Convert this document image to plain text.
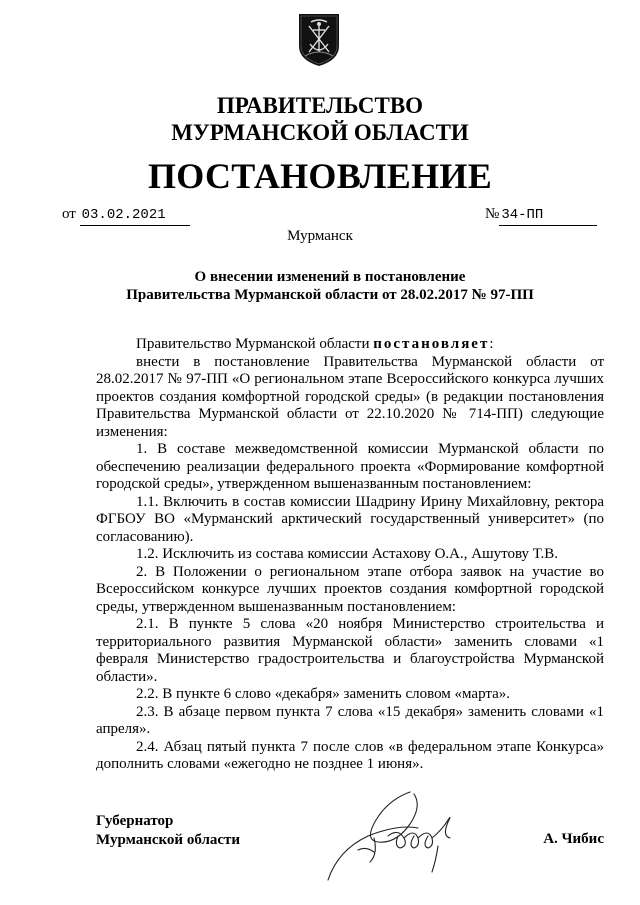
ПРАВИТЕЛЬСТВО
МУРМАНСКОЙ ОБЛАСТИ
ПОСТАНОВЛЕНИЕ
от 03.02.2021	№ 34-ПП
Мурманск
О внесении изменений в постановление
Правительства Мурманской области от 28.02.2017 № 97-ПП

Правительство Мурманской области постановляет:

внести в постановление Правительства Мурманской области от 28.02.2017 № 97-ПП «О региональном этапе Всероссийского конкурса лучших проектов создания комфортной городской среды» (в редакции постановления Правительства Мурманской области от 22.10.2020 № 714-ПП) следующие изменения:

1. В составе межведомственной комиссии Мурманской области по обеспечению реализации федерального проекта «Формирование комфортной городской среды», утвержденном вышеназванным постановлением:

1.1. Включить в состав комиссии Шадрину Ирину Михайловну, ректора ФГБОУ ВО «Мурманский арктический государственный университет» (по согласованию).

1.2. Исключить из состава комиссии Астахову О.А., Ашутову Т.В.

2. В Положении о региональном этапе отбора заявок на участие во Всероссийском конкурсе лучших проектов создания комфортной городской среды, утвержденном вышеназванным постановлением:

2.1. В пункте 5 слова «20 ноября Министерство строительства и территориального развития Мурманской области» заменить словами «1 февраля Министерство градостроительства и благоустройства Мурманской области».

2.2. В пункте 6 слово «декабря» заменить словом «марта».

2.3. В абзаце первом пункта 7 слова «15 декабря» заменить словами «1 апреля».

2.4. Абзац пятый пункта 7 после слов «в федеральном этапе Конкурса» дополнить словами «ежегодно не позднее 1 июня».

Губернатор
Мурманской области	А. Чибис
